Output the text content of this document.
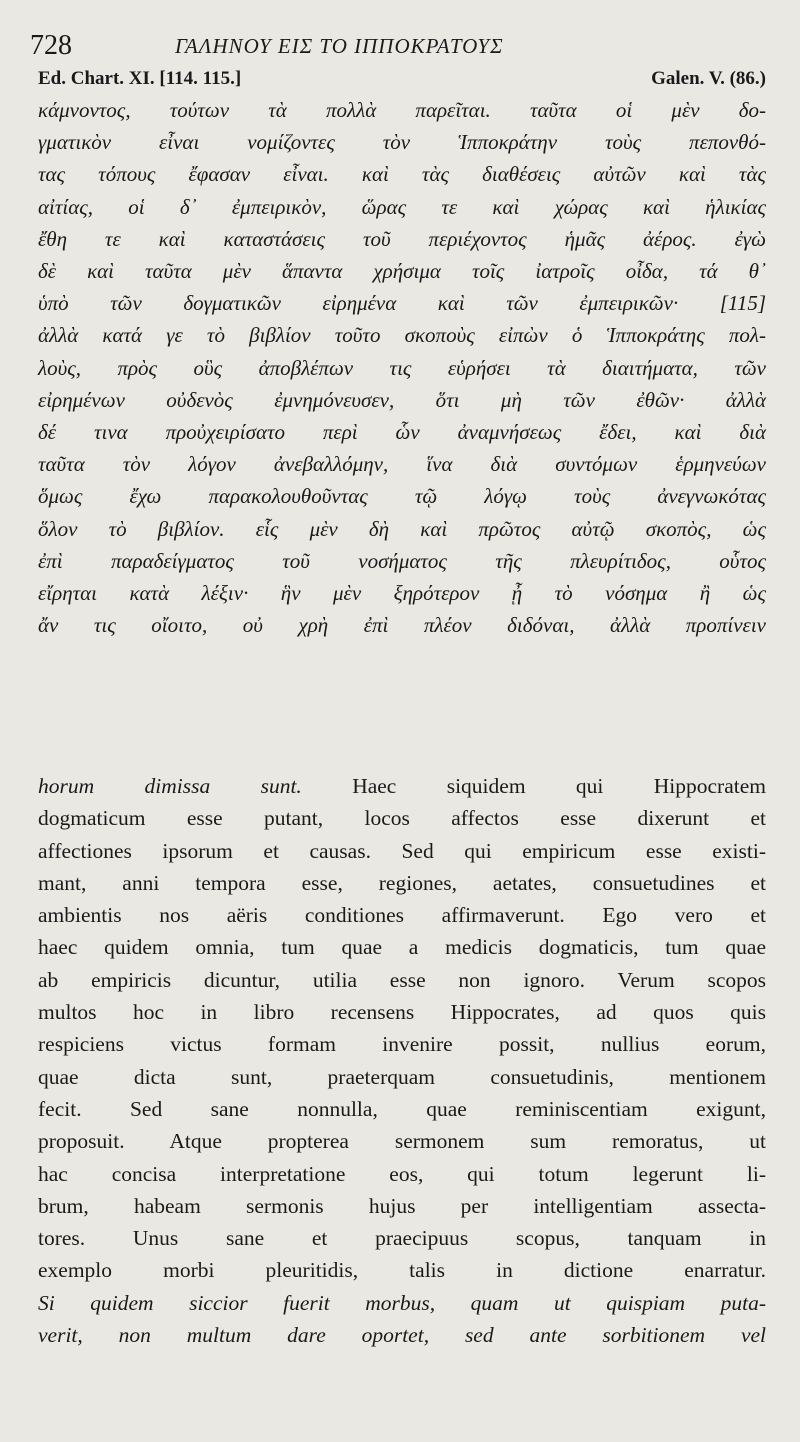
728	ΓΑΛΗΝΟΥ ΕΙΣ ΤΟ ΙΠΠΟΚΡΑΤΟΥΣ
Ed. Chart. XI. [114. 115.]	Galen. V. (86.)
κάμνοντος, τούτων τὰ πολλὰ παρεῖται. ταῦτα οἱ μὲν δο-
γματικὸν εἶναι νομίζοντες τὸν Ἱπποκράτην τοὺς πεπονθό-
τας τόπους ἔφασαν εἶναι. καὶ τὰς διαθέσεις αὐτῶν καὶ τὰς
αἰτίας, οἱ δ᾽ ἐμπειρικὸν, ὥρας τε καὶ χώρας καὶ ἡλικίας
ἔθη τε καὶ καταστάσεις τοῦ περιέχοντος ἡμᾶς ἀέρος. ἐγὼ
δὲ καὶ ταῦτα μὲν ἅπαντα χρήσιμα τοῖς ἰατροῖς οἶδα, τά θ᾽
ὑπὸ τῶν δογματικῶν εἰρημένα καὶ τῶν ἐμπειρικῶν· [115]
ἀλλὰ κατά γε τὸ βιβλίον τοῦτο σκοποὺς εἰπὼν ὁ Ἱπποκράτης πολ-
λοὺς, πρὸς οὓς ἀποβλέπων τις εὑρήσει τὰ διαιτήματα, τῶν
εἰρημένων οὐδενὸς ἐμνημόνευσεν, ὅτι μὴ τῶν ἐθῶν· ἀλλὰ
δέ τινα προὐχειρίσατο περὶ ὧν ἀναμνήσεως ἔδει, καὶ διὰ
ταῦτα τὸν λόγον ἀνεβαλλόμην, ἵνα διὰ συντόμων ἑρμηνεύων
ὅμως ἔχω παρακολουθοῦντας τῷ λόγῳ τοὺς ἀνεγνωκότας
ὅλον τὸ βιβλίον. εἷς μὲν δὴ καὶ πρῶτος αὐτῷ σκοπὸς, ὡς
ἐπὶ παραδείγματος τοῦ νοσήματος τῆς πλευρίτιδος, οὗτος
εἴρηται κατὰ λέξιν· ἣν μὲν ξηρότερον ᾖ τὸ νόσημα ἢ ὡς
ἄν τις οἴοιτο, οὐ χρὴ ἐπὶ πλέον διδόναι, ἀλλὰ προπίνειν
horum dimissa sunt. Haec siquidem qui Hippocratem
dogmaticum esse putant, locos affectos esse dixerunt et
affectiones ipsorum et causas. Sed qui empiricum esse existi-
mant, anni tempora esse, regiones, aetates, consuetudines et
ambientis nos aëris conditiones affirmaverunt. Ego vero et
haec quidem omnia, tum quae a medicis dogmaticis, tum quae
ab empiricis dicuntur, utilia esse non ignoro. Verum scopos
multos hoc in libro recensens Hippocrates, ad quos quis
respiciens victus formam invenire possit, nullius eorum,
quae dicta sunt, praeterquam consuetudinis, mentionem
fecit. Sed sane nonnulla, quae reminiscentiam exigunt,
proposuit. Atque propterea sermonem sum remoratus, ut
hac concisa interpretatione eos, qui totum legerunt li-
brum, habeam sermonis hujus per intelligentiam assecta-
tores. Unus sane et praecipuus scopus, tanquam in
exemplo morbi pleuritidis, talis in dictione enarratur.
Si quidem siccior fuerit morbus, quam ut quispiam puta-
verit, non multum dare oportet, sed ante sorbitionem vel
